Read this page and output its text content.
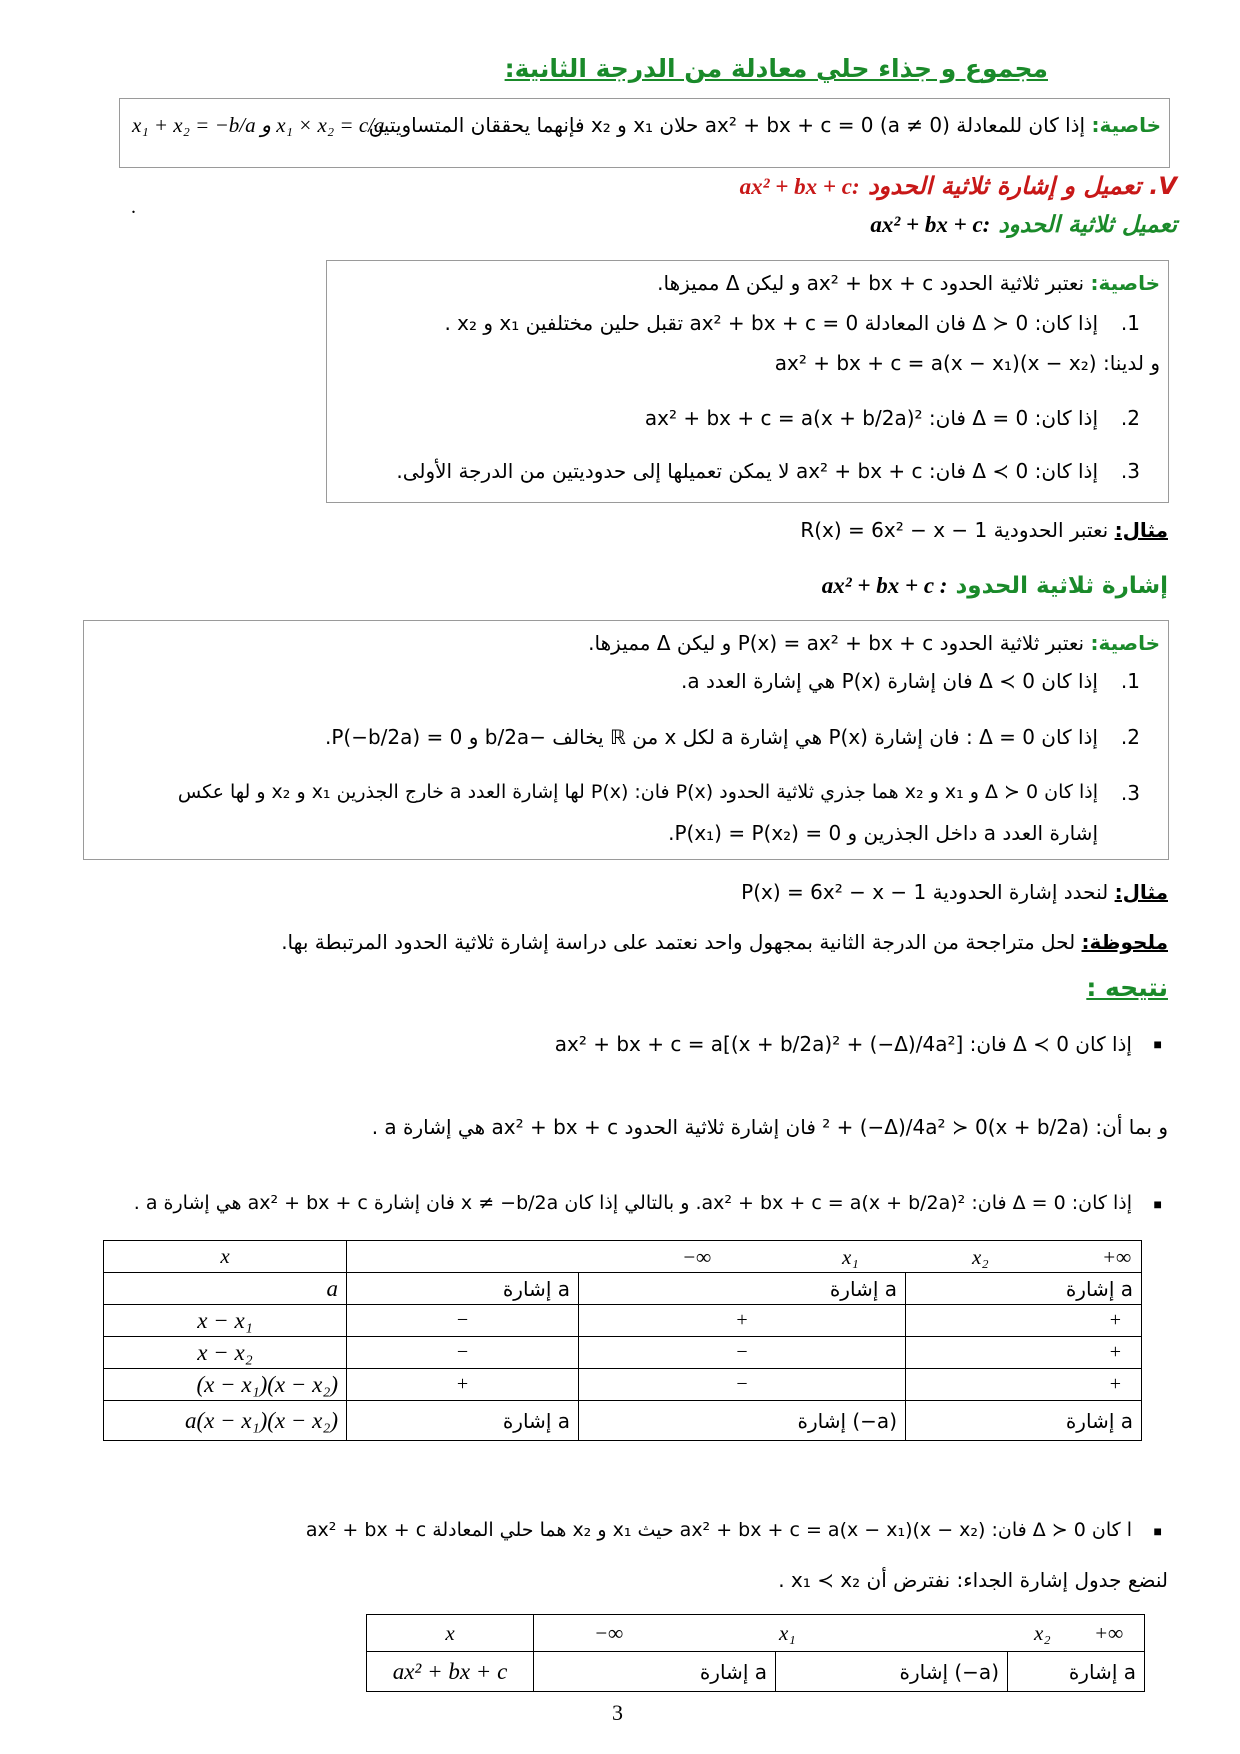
مجموع و جذاء حلي معادلة من الدرجة الثانية:
خاصية: إذا كان للمعادلة ax² + bx + c = 0 (a ≠ 0) حلان x₁ و x₂ فإنهما يحققان المتساويتين
x₁ + x₂ = −b/a و x₁ × x₂ = c/a
V. تعميل و إشارة ثلاثية الحدود ax² + bx + c:
.
تعميل ثلاثية الحدود ax² + bx + c:
خاصية: نعتبر ثلاثية الحدود ax² + bx + c و ليكن Δ مميزها.
.1
إذا كان: Δ ≻ 0 فان المعادلة ax² + bx + c = 0 تقبل حلين مختلفين x₁ و x₂ .
و لدينا: ax² + bx + c = a(x − x₁)(x − x₂)
.2
إذا كان: Δ = 0 فان: ax² + bx + c = a(x + b/2a)²
.3
إذا كان: Δ ≺ 0 فان: ax² + bx + c لا يمكن تعميلها إلى حدوديتين من الدرجة الأولى.
مثال: نعتبر الحدودية R(x) = 6x² − x − 1
إشارة ثلاثية الحدود ax² + bx + c :
خاصية: نعتبر ثلاثية الحدود P(x) = ax² + bx + c و ليكن Δ مميزها.
.1
إذا كان Δ ≺ 0 فان إشارة P(x) هي إشارة العدد a.
.2
إذا كان Δ = 0 : فان إشارة P(x) هي إشارة a لكل x من ℝ يخالف −b/2a و P(−b/2a) = 0.
.3
إذا كان Δ ≻ 0 و x₁ و x₂ هما جذري ثلاثية الحدود P(x) فان: P(x) لها إشارة العدد a خارج الجذرين x₁ و x₂ و لها عكس
إشارة العدد a داخل الجذرين و P(x₁) = P(x₂) = 0.
مثال: لنحدد إشارة الحدودية P(x) = 6x² − x − 1
ملحوظة: لحل متراجحة من الدرجة الثانية بمجهول واحد نعتمد على دراسة إشارة ثلاثية الحدود المرتبطة بها.
نتيحه :
■
إذا كان Δ ≺ 0 فان: ax² + bx + c = a[(x + b/2a)² + (−Δ)/4a²]
و بما أن: (x + b/2a)² + (−Δ)/4a² ≻ 0 فان إشارة ثلاثية الحدود ax² + bx + c هي إشارة a .
■
إذا كان: Δ = 0 فان: ax² + bx + c = a(x + b/2a)². و بالتالي إذا كان x ≠ −b/2a فان إشارة ax² + bx + c هي إشارة a .
x	−∞ x₁ x₂ +∞		

a	إشارة a	إشارة a	إشارة a
x − x₁	−	+	+
x − x₂	−	−	+
(x − x₁)(x − x₂)	+	−	+
a(x − x₁)(x − x₂)	إشارة a	إشارة (−a)	إشارة a
■
ا كان Δ ≻ 0 فان: ax² + bx + c = a(x − x₁)(x − x₂) حيث x₁ و x₂ هما حلي المعادلة ax² + bx + c
لنضع جدول إشارة الجداء: نفترض أن x₁ ≺ x₂ .
x	−∞ x₁ x₂ +∞		

ax² + bx + c	إشارة a	إشارة (−a)	إشارة a
3
